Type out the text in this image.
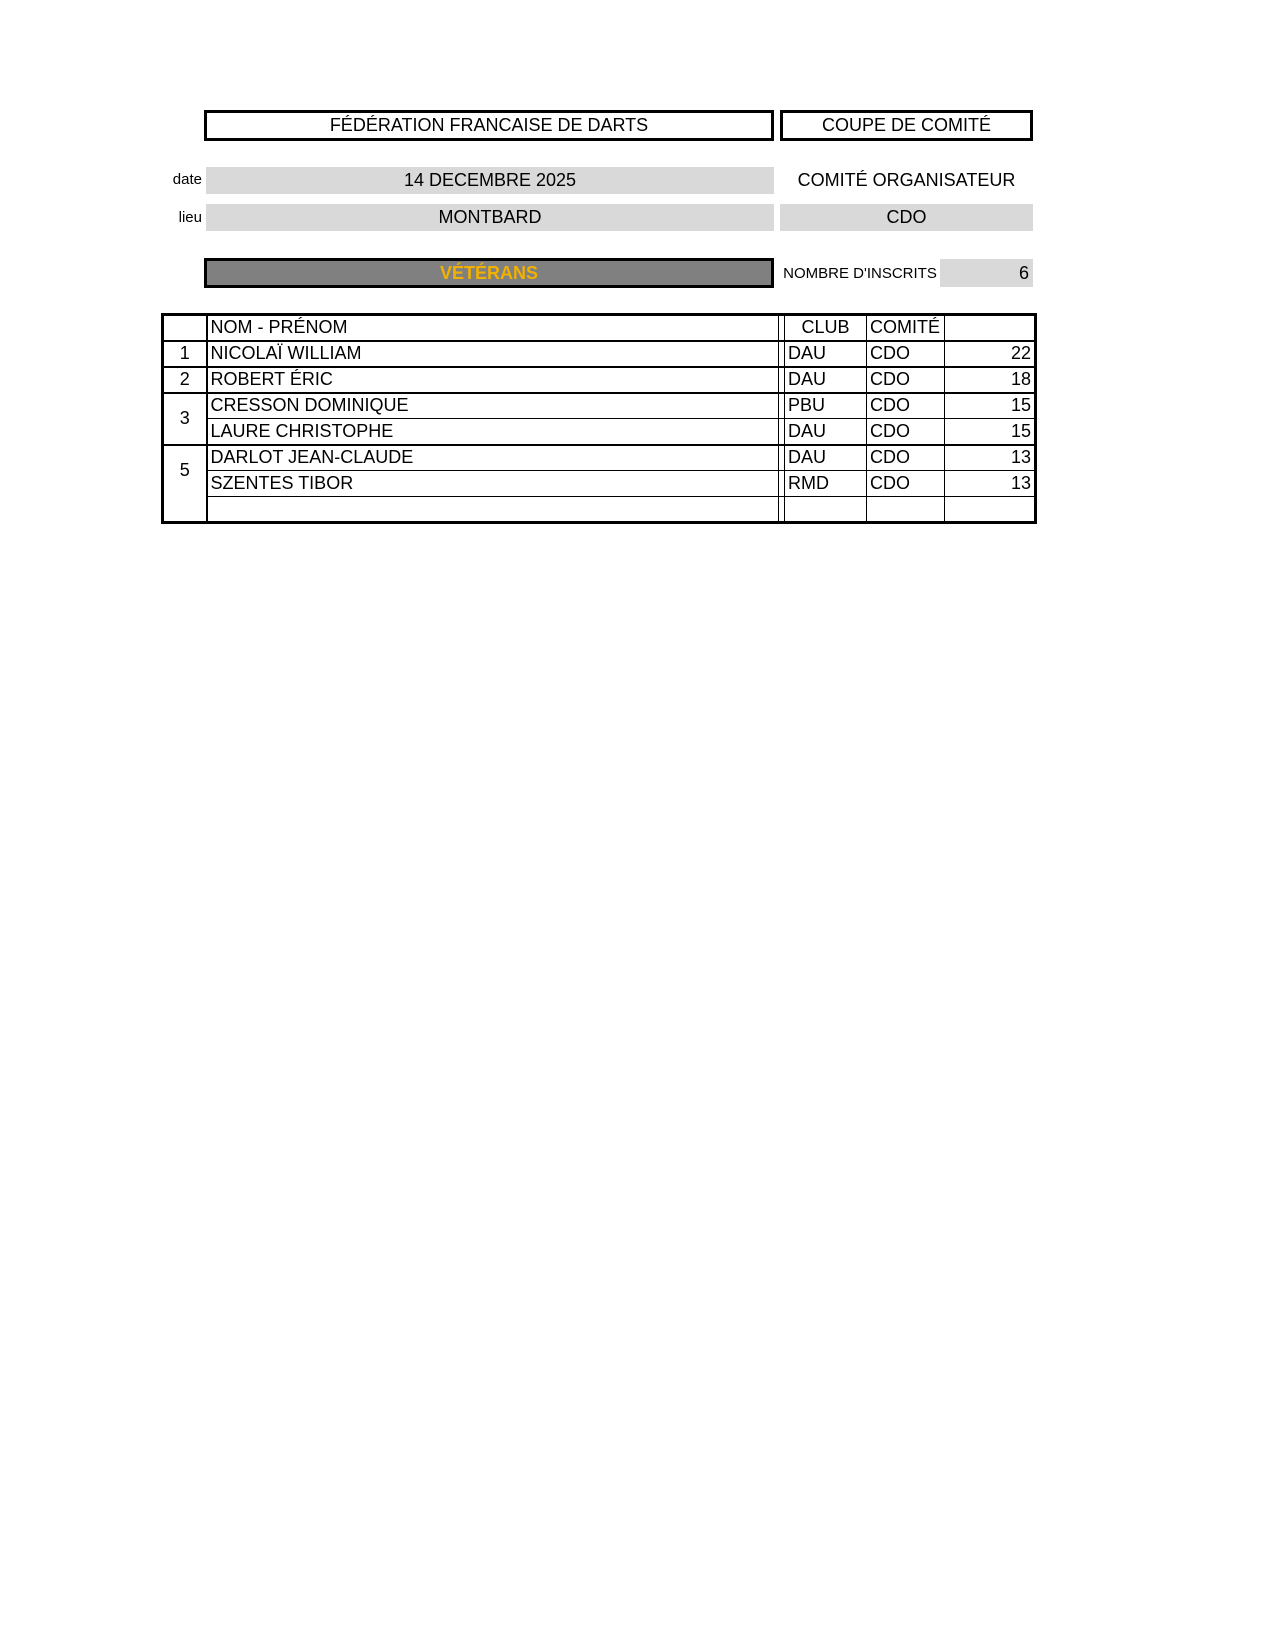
FÉDÉRATION FRANCAISE DE DARTS	COUPE DE COMITÉ
date	14 DECEMBRE 2025	COMITÉ ORGANISATEUR
lieu	MONTBARD	CDO
VÉTÉRANS	NOMBRE D'INSCRITS	6
	NOM - PRÉNOM		CLUB	COMITÉ	
1	NICOLAÏ WILLIAM		DAU	CDO	22
2	ROBERT ÉRIC		DAU	CDO	18
3	CRESSON DOMINIQUE		PBU	CDO	15
	LAURE CHRISTOPHE		DAU	CDO	15
5	DARLOT JEAN-CLAUDE		DAU	CDO	13
	SZENTES TIBOR		RMD	CDO	13
